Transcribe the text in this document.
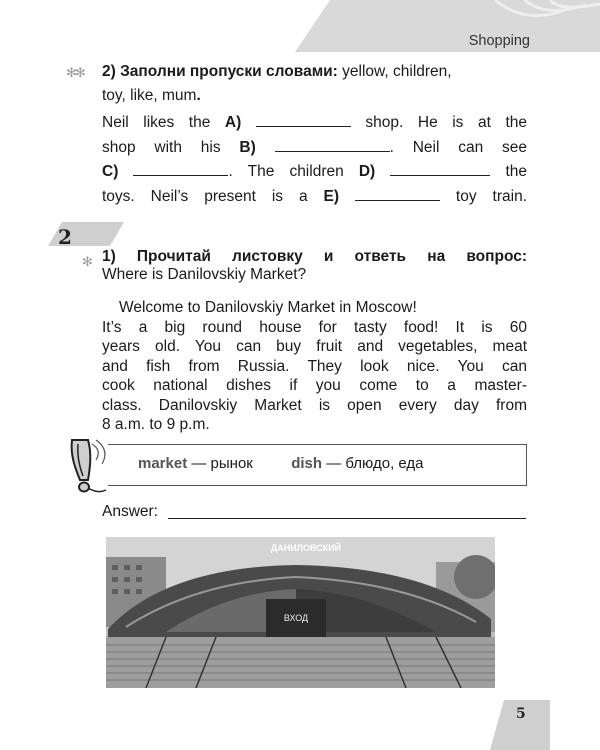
Shopping
✻✻ 2) Заполни пропуски словами: yellow, children,
toy, like, mum.
Neil likes the A)	shop. He is at the
shop with his B)	. Neil can see
C)	. The children D)	the
toys. Neil’s present is a E)	toy train.
2
✻ 1) Прочитай листовку и ответь на вопрос:
Where is Danilovskiy Market?
Welcome to Danilovskiy Market in Moscow!
It’s a big round house for tasty food! It is 60
years old. You can buy fruit and vegetables, meat
and fish from Russia. They look nice. You can
cook national dishes if you come to a master-
class. Danilovskiy Market is open every day from
8 a.m. to 9 p.m.
market — рынок	dish — блюдо, еда
Answer:
ВХОД
ДАНИЛОВСКИЙ
5
